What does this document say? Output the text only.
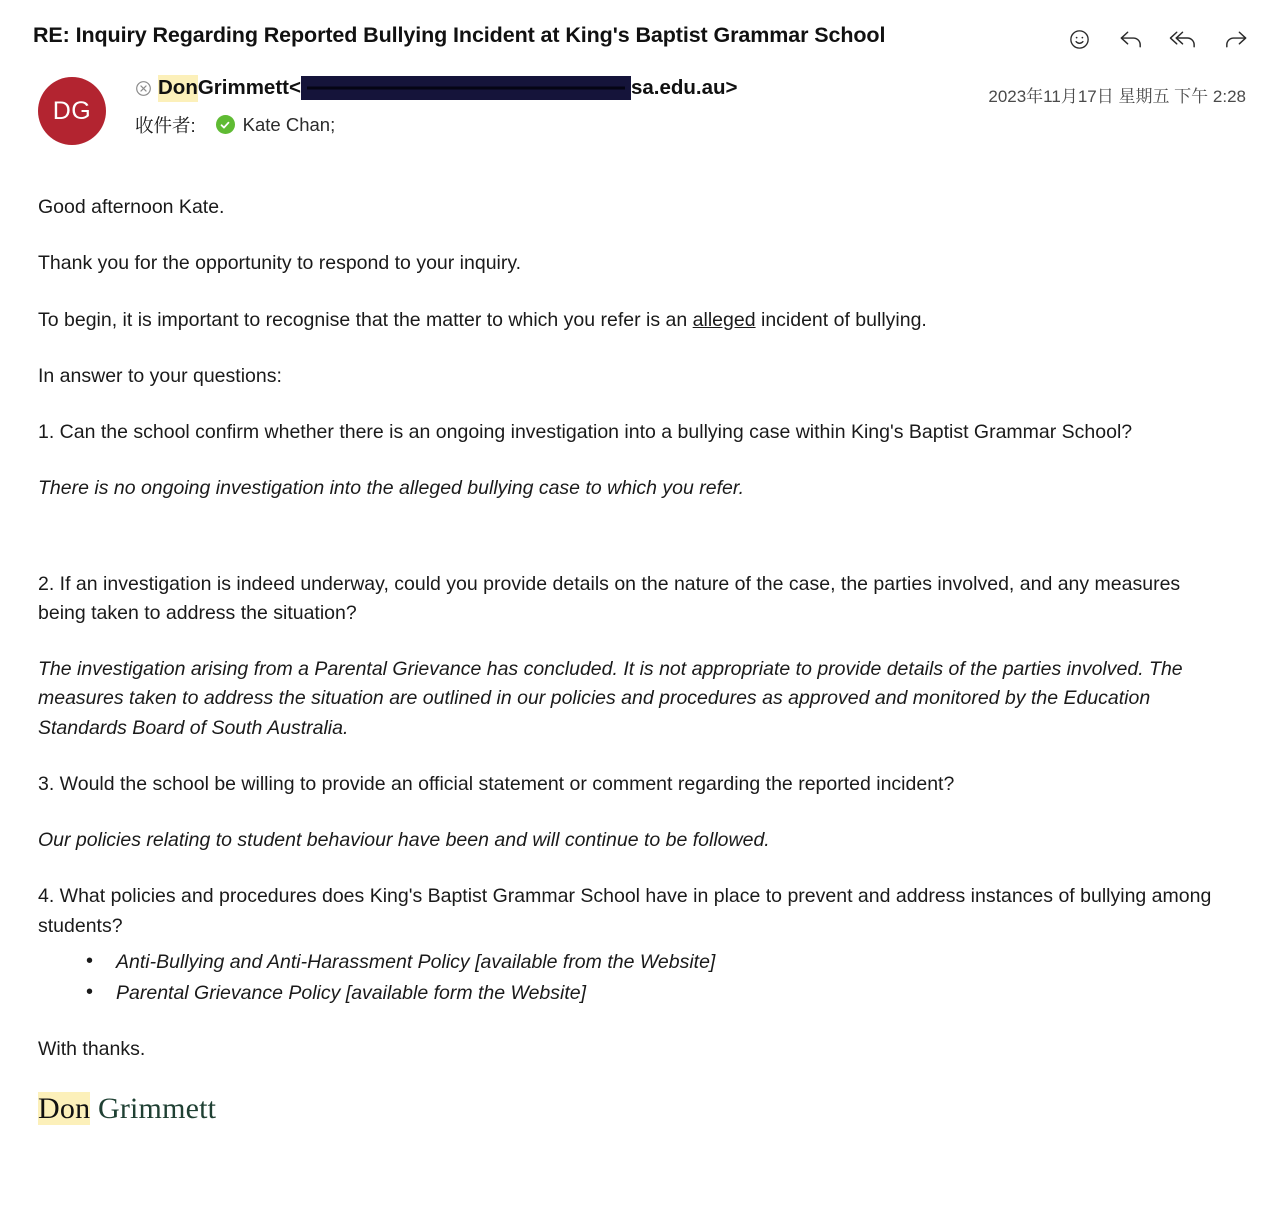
RE: Inquiry Regarding Reported Bullying Incident at King's Baptist Grammar School
DG
Don Grimmett <	sa.edu.au>
收件者:	Kate Chan;
2023年11月17日 星期五 下午 2:28

Good afternoon Kate.

Thank you for the opportunity to respond to your inquiry.

To begin, it is important to recognise that the matter to which you refer is an alleged incident of bullying.

In answer to your questions:

1. Can the school confirm whether there is an ongoing investigation into a bullying case within King's Baptist Grammar School?

There is no ongoing investigation into the alleged bullying case to which you refer.

2. If an investigation is indeed underway, could you provide details on the nature of the case, the parties involved, and any measures being taken to address the situation?

The investigation arising from a Parental Grievance has concluded. It is not appropriate to provide details of the parties involved. The measures taken to address the situation are outlined in our policies and procedures as approved and monitored by the Education Standards Board of South Australia.

3. Would the school be willing to provide an official statement or comment regarding the reported incident?

Our policies relating to student behaviour have been and will continue to be followed.

4. What policies and procedures does King's Baptist Grammar School have in place to prevent and address instances of bullying among students?

• Anti-Bullying and Anti-Harassment Policy [available from the Website]
• Parental Grievance Policy [available form the Website]

With thanks.

Don Grimmett
